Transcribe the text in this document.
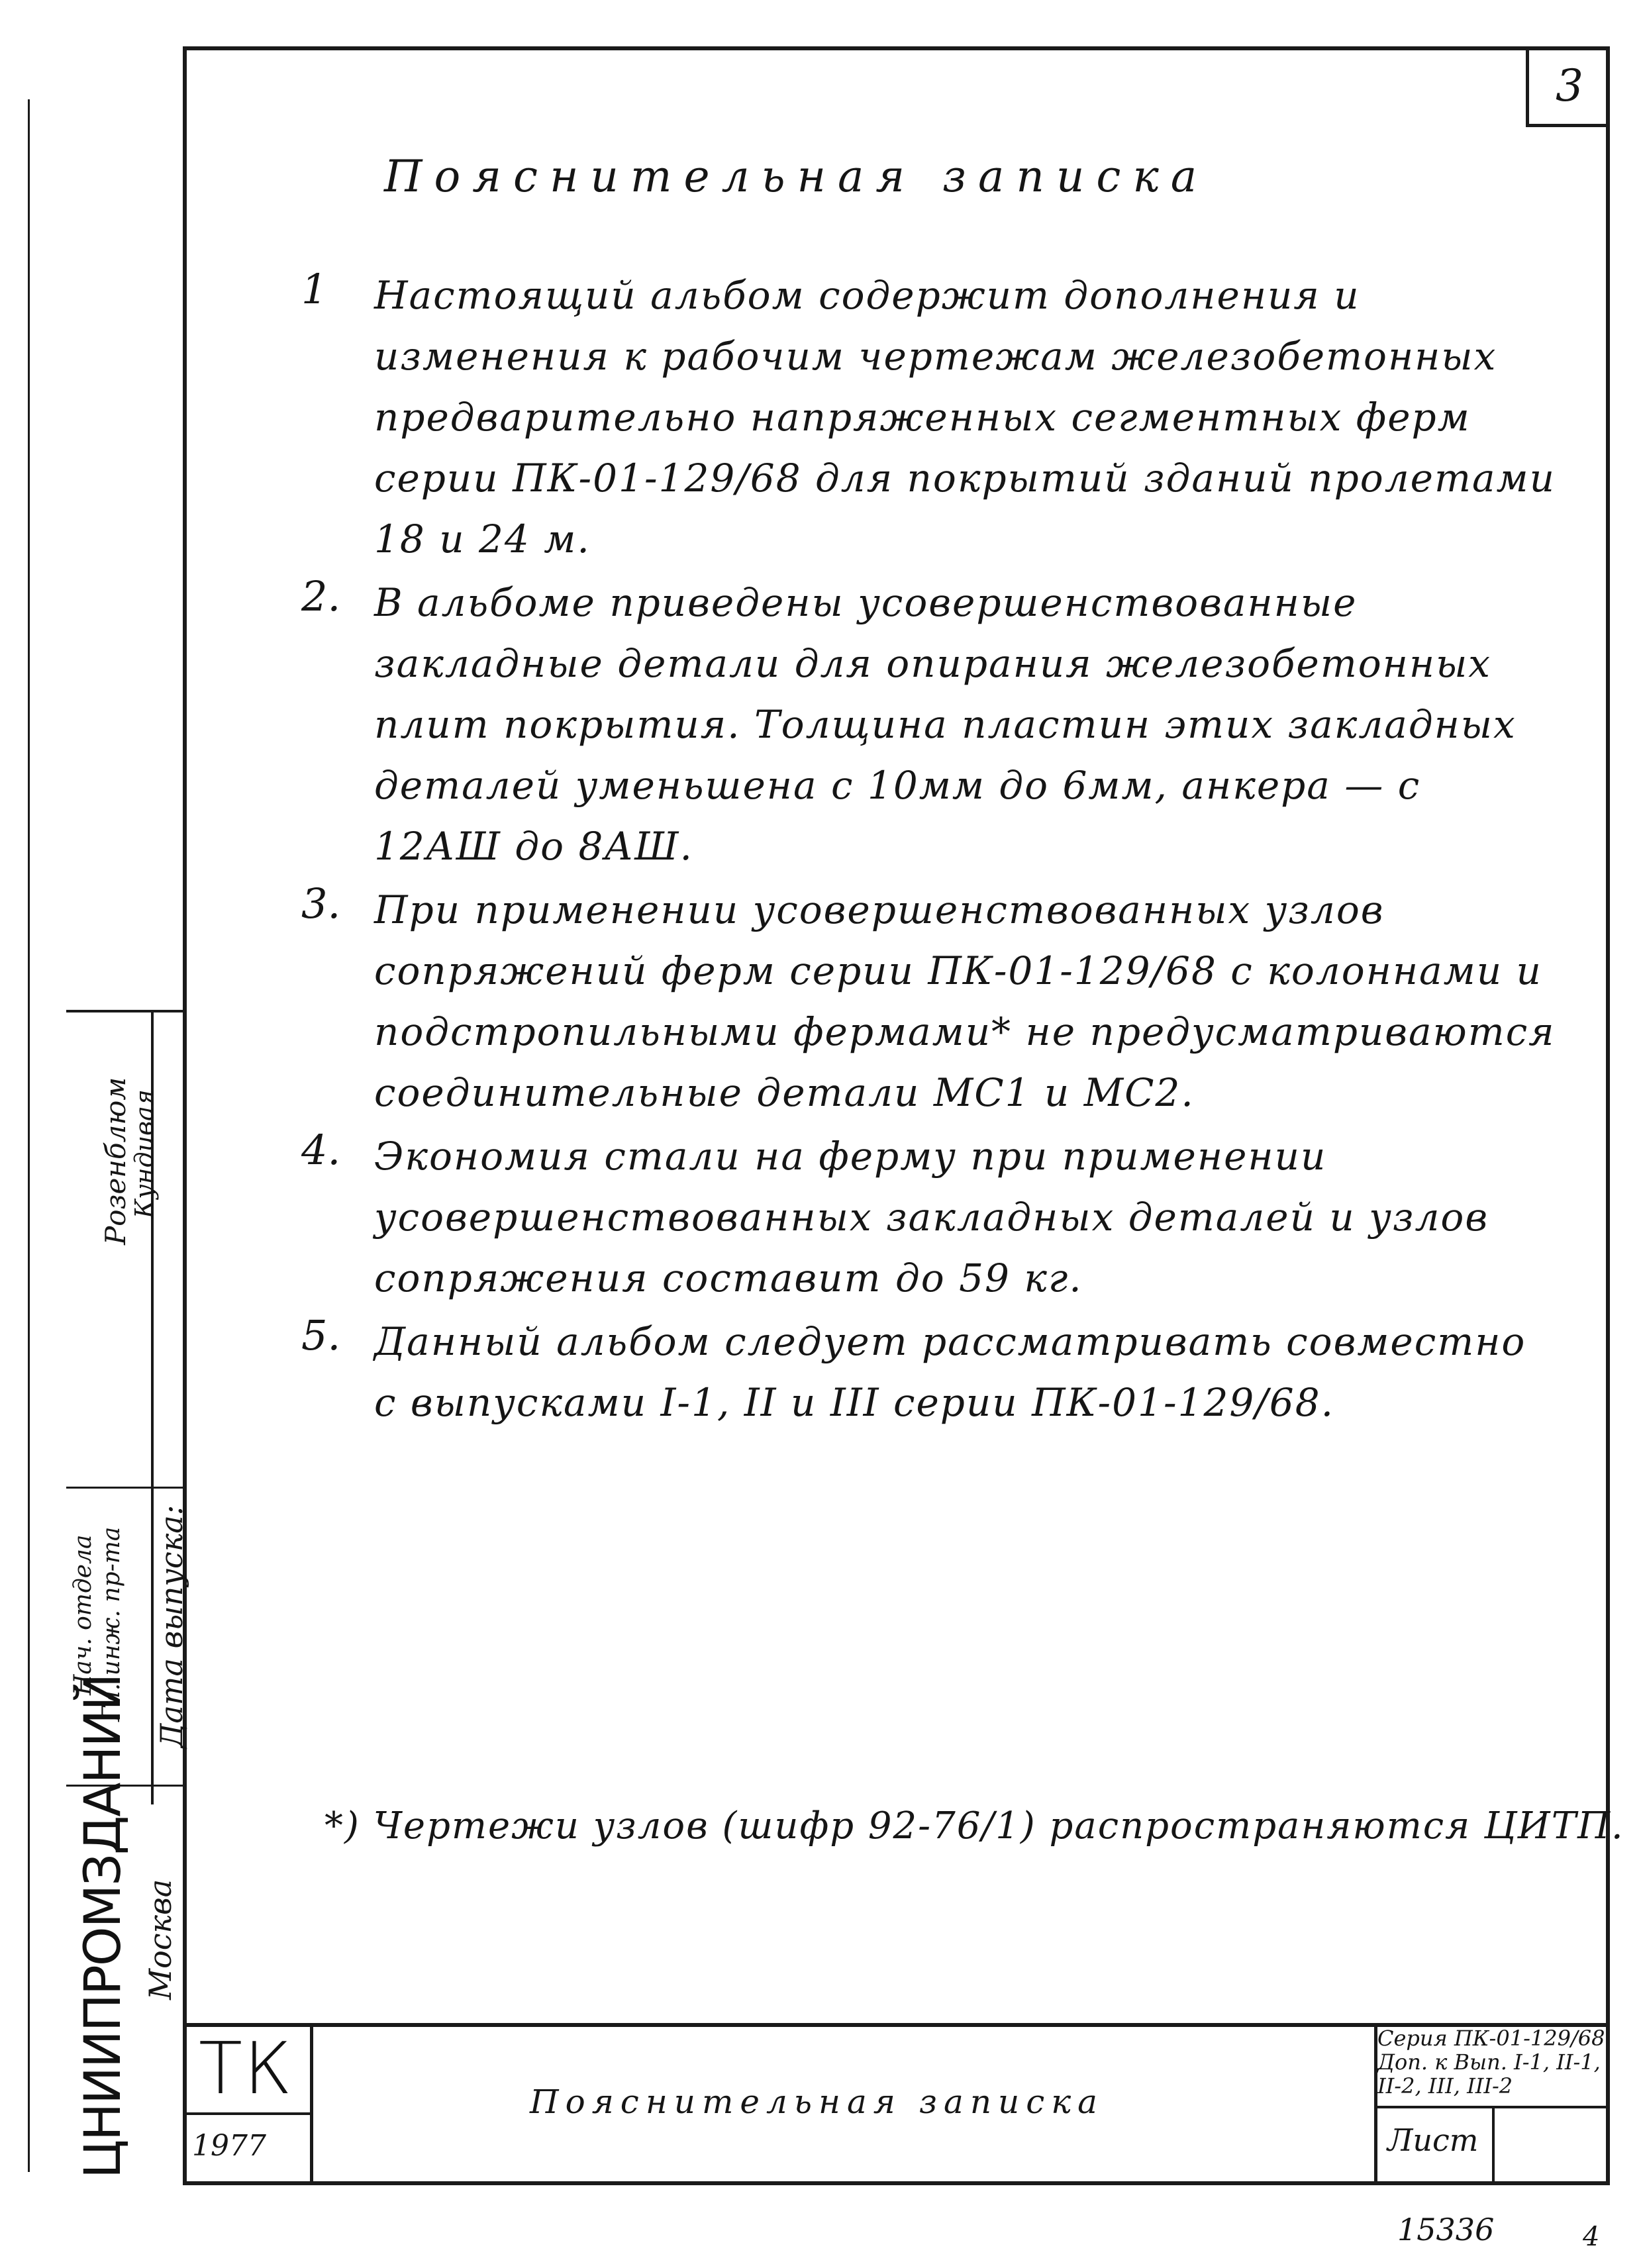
3
Пояснительная записка
1 Настоящий альбом содержит дополнения и изменения к рабочим чертежам железобетонных предварительно напряженных сегментных ферм серии ПК-01-129/68 для покрытий зданий пролетами 18 и 24 м.
2. В альбоме приведены усовершенствованные закладные детали для опирания железобетонных плит покрытия. Толщина пластин этих закладных деталей уменьшена с 10мм до 6мм, анкера — с 12АШ до 8АШ.
3. При применении усовершенствованных узлов сопряжений ферм серии ПК-01-129/68 с колоннами и подстропильными фермами* не предусматриваются соединительные детали МС1 и МС2.
4. Экономия стали на ферму при применении усовершенствованных закладных деталей и узлов сопряжения составит до 59 кг.
5. Данный альбом следует рассматривать совместно с выпусками I-1, II и III серии ПК-01-129/68.
*) Чертежи узлов (шифр 92-76/1) распространяются ЦИТП.
Розенблюм
Кундивая
Нач. отдела Гл. инж. пр-та Дата выпуска:
ЦНИИПРОМЗДАНИЙ Москва
ТК
1977
Пояснительная записка
Серия ПК-01-129/68 Доп. к Вып. I-1, II-1, II-2, III, III-2
Лист
15336	4
